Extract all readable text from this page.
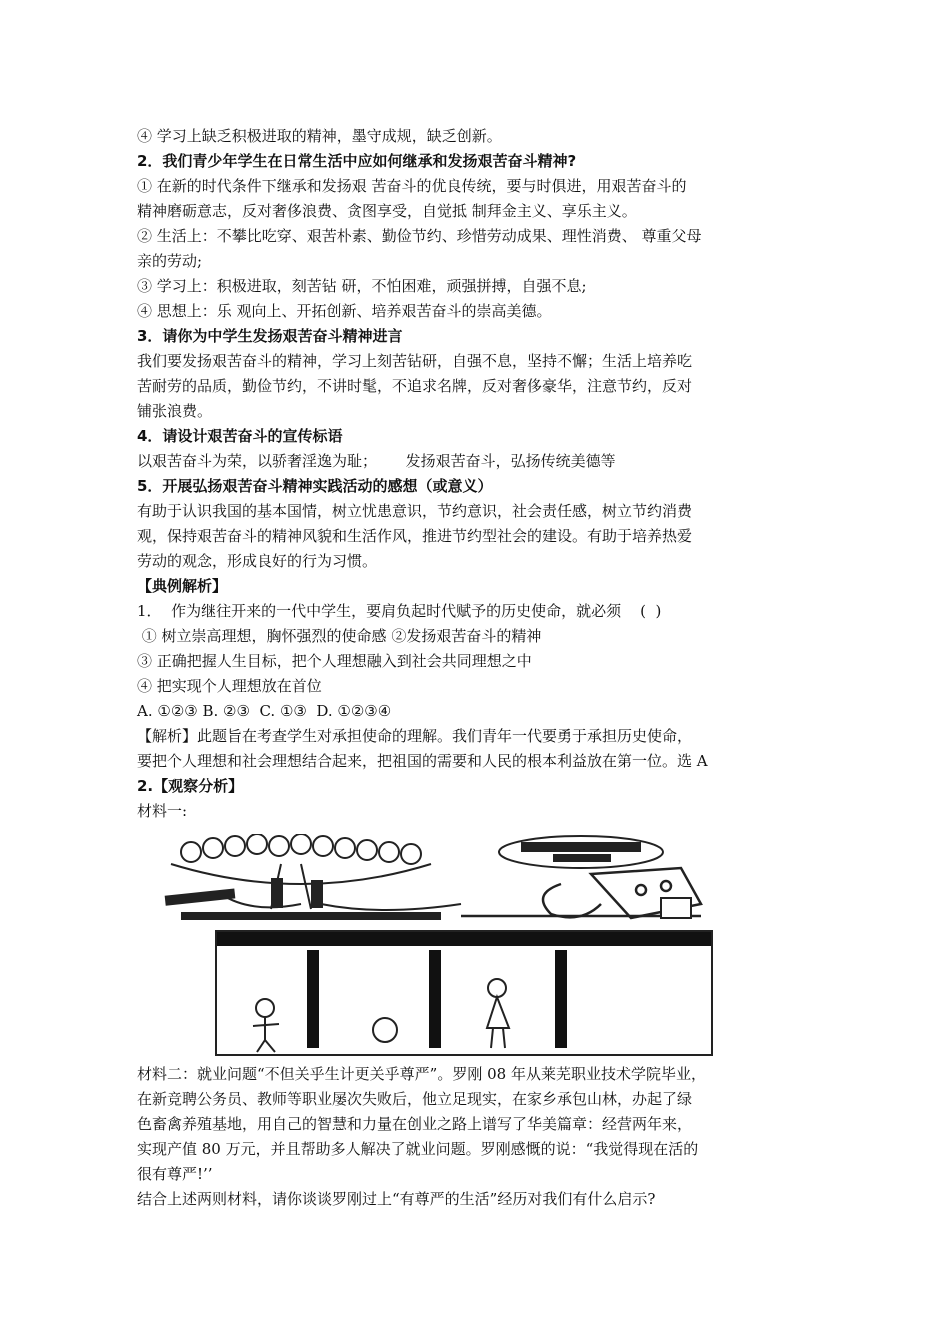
④ 学习上缺乏积极进取的精神，墨守成规，缺乏创新。

2．我们青少年学生在日常生活中应如何继承和发扬艰苦奋斗精神?

① 在新的时代条件下继承和发扬艰 苦奋斗的优良传统，要与时俱进，用艰苦奋斗的

精神磨砺意志，反对奢侈浪费、贪图享受，自觉抵 制拜金主义、享乐主义。

② 生活上：不攀比吃穿、艰苦朴素、勤俭节约、珍惜劳动成果、理性消费、 尊重父母

亲的劳动;

③ 学习上：积极进取，刻苦钻 研，不怕困难，顽强拼搏，自强不息;

④ 思想上：乐 观向上、开拓创新、培养艰苦奋斗的崇高美德。

3．请你为中学生发扬艰苦奋斗精神进言

我们要发扬艰苦奋斗的精神，学习上刻苦钻研，自强不息，坚持不懈；生活上培养吃

苦耐劳的品质，勤俭节约，不讲时髦，不追求名牌，反对奢侈豪华，注意节约，反对

铺张浪费。

4．请设计艰苦奋斗的宣传标语

以艰苦奋斗为荣，以骄奢淫逸为耻；      发扬艰苦奋斗，弘扬传统美德等

5．开展弘扬艰苦奋斗精神实践活动的感想（或意义）

有助于认识我国的基本国情，树立忧患意识，节约意识，社会责任感，树立节约消费

观，保持艰苦奋斗的精神风貌和生活作风，推进节约型社会的建设。有助于培养热爱

劳动的观念，形成良好的行为习惯。

【典例解析】

1．  作为继往开来的一代中学生，要肩负起时代赋予的历史使命，就必须    (  )

① 树立崇高理想，胸怀强烈的使命感 ②发扬艰苦奋斗的精神

③ 正确把握人生目标，把个人理想融入到社会共同理想之中

④ 把实现个人理想放在首位

A. ①②③ B. ②③  C. ①③  D. ①②③④

【解析】此题旨在考查学生对承担使命的理解。我们青年一代要勇于承担历史使命，

要把个人理想和社会理想结合起来，把祖国的需要和人民的根本利益放在第一位。选 A

2.【观察分析】

材料一:

材料二：就业问题“不但关乎生计更关乎尊严”。罗刚 08 年从莱芜职业技术学院毕业，

在新竞聘公务员、教师等职业屡次失败后，他立足现实，在家乡承包山林，办起了绿

色畜禽养殖基地，用自己的智慧和力量在创业之路上谱写了华美篇章：经营两年来，

实现产值 80 万元，并且帮助多人解决了就业问题。罗刚感慨的说：“我觉得现在活的

很有尊严!’’

结合上述两则材料，请你谈谈罗刚过上“有尊严的生活”经历对我们有什么启示?
